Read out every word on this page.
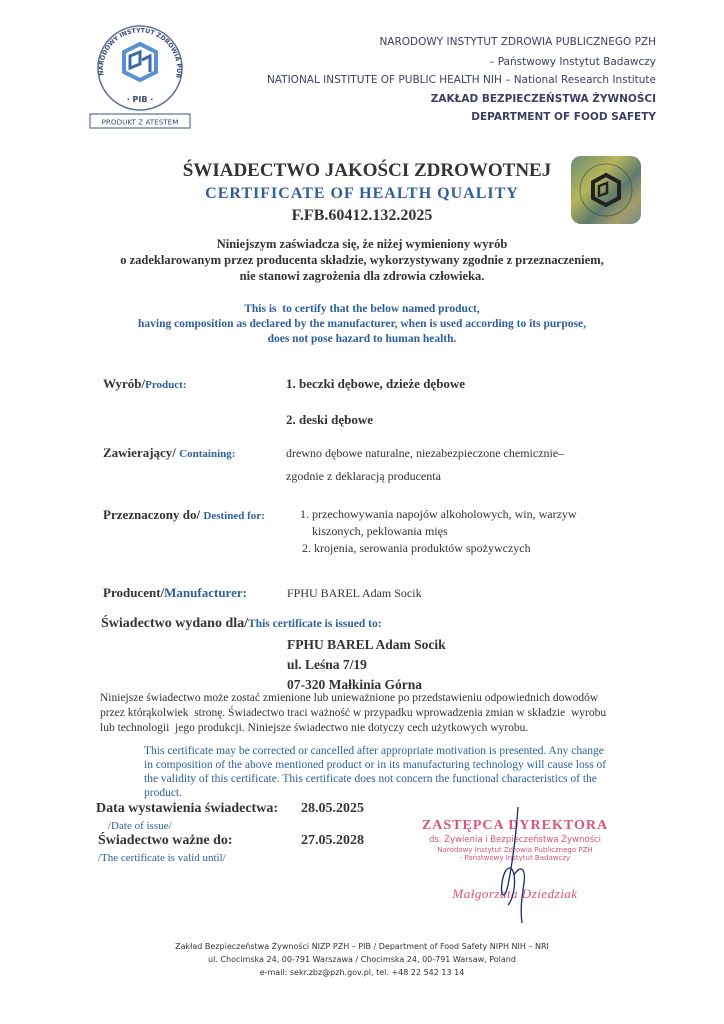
NARODOWY INSTYTUT ZDROWIA PUB
· PIB ·
PRODUKT Z ATESTEM
NARODOWY INSTYTUT ZDROWIA PUBLICZNEGO PZH
– Państwowy Instytut Badawczy
NATIONAL INSTITUTE OF PUBLIC HEALTH NIH – National Research Institute
ZAKŁAD BEZPIECZEŃSTWA ŻYWNOŚCI
DEPARTMENT OF FOOD SAFETY
ŚWIADECTWO JAKOŚCI ZDROWOTNEJ
CERTIFICATE OF HEALTH QUALITY
F.FB.60412.132.2025
Niniejszym zaświadcza się, że niżej wymieniony wyrób
o zadeklarowanym przez producenta składzie, wykorzystywany zgodnie z przeznaczeniem,
nie stanowi zagrożenia dla zdrowia człowieka.
This is  to certify that the below named product,
having composition as declared by the manufacturer, when is used according to its purpose,
does not pose hazard to human health.
Wyrób/Product:	1. beczki dębowe, dzieże dębowe
2. deski dębowe
Zawierający/ Containing:	drewno dębowe naturalne, niezabezpieczone chemicznie–
zgodnie z deklaracją producenta
Przeznaczony do/ Destined for:	1. przechowywania napojów alkoholowych, win, warzyw
kiszonych, peklowania mięs
2. krojenia, serowania produktów spożywczych
Producent/Manufacturer:	FPHU BAREL Adam Socik
Świadectwo wydano dla/This certificate is issued to:
FPHU BAREL Adam Socik
ul. Leśna 7/19
07-320 Małkinia Górna
Niniejsze świadectwo może zostać zmienione lub unieważnione po przedstawieniu odpowiednich dowodów
przez którąkolwiek  stronę. Świadectwo traci ważność w przypadku wprowadzenia zmian w składzie  wyrobu
lub technologii  jego produkcji. Niniejsze świadectwo nie dotyczy cech użytkowych wyrobu.
This certificate may be corrected or cancelled after appropriate motivation is presented. Any change
in composition of the above mentioned product or in its manufacturing technology will cause loss of
the validity of this certificate. This certificate does not concern the functional characteristics of the
product.
Data wystawienia świadectwa:
/Date of issue/
28.05.2025
Świadectwo ważne do:
/The certificate is valid until/
27.05.2028
ZASTĘPCA DYREKTORA
ds. Żywienia i Bezpieczeństwa Żywności
Narodowy Instytut Zdrowia Publicznego PZH
- Państwowy Instytut Badawczy
Małgorzata Dziedziak
Zakład Bezpieczeństwa Żywności NIZP PZH – PIB / Department of Food Safety NIPH NIH – NRI
ul. Chocimska 24, 00-791 Warszawa / Chocimska 24, 00-791 Warsaw, Poland
e-mail: sekr.zbz@pzh.gov.pl, tel. +48 22 542 13 14
